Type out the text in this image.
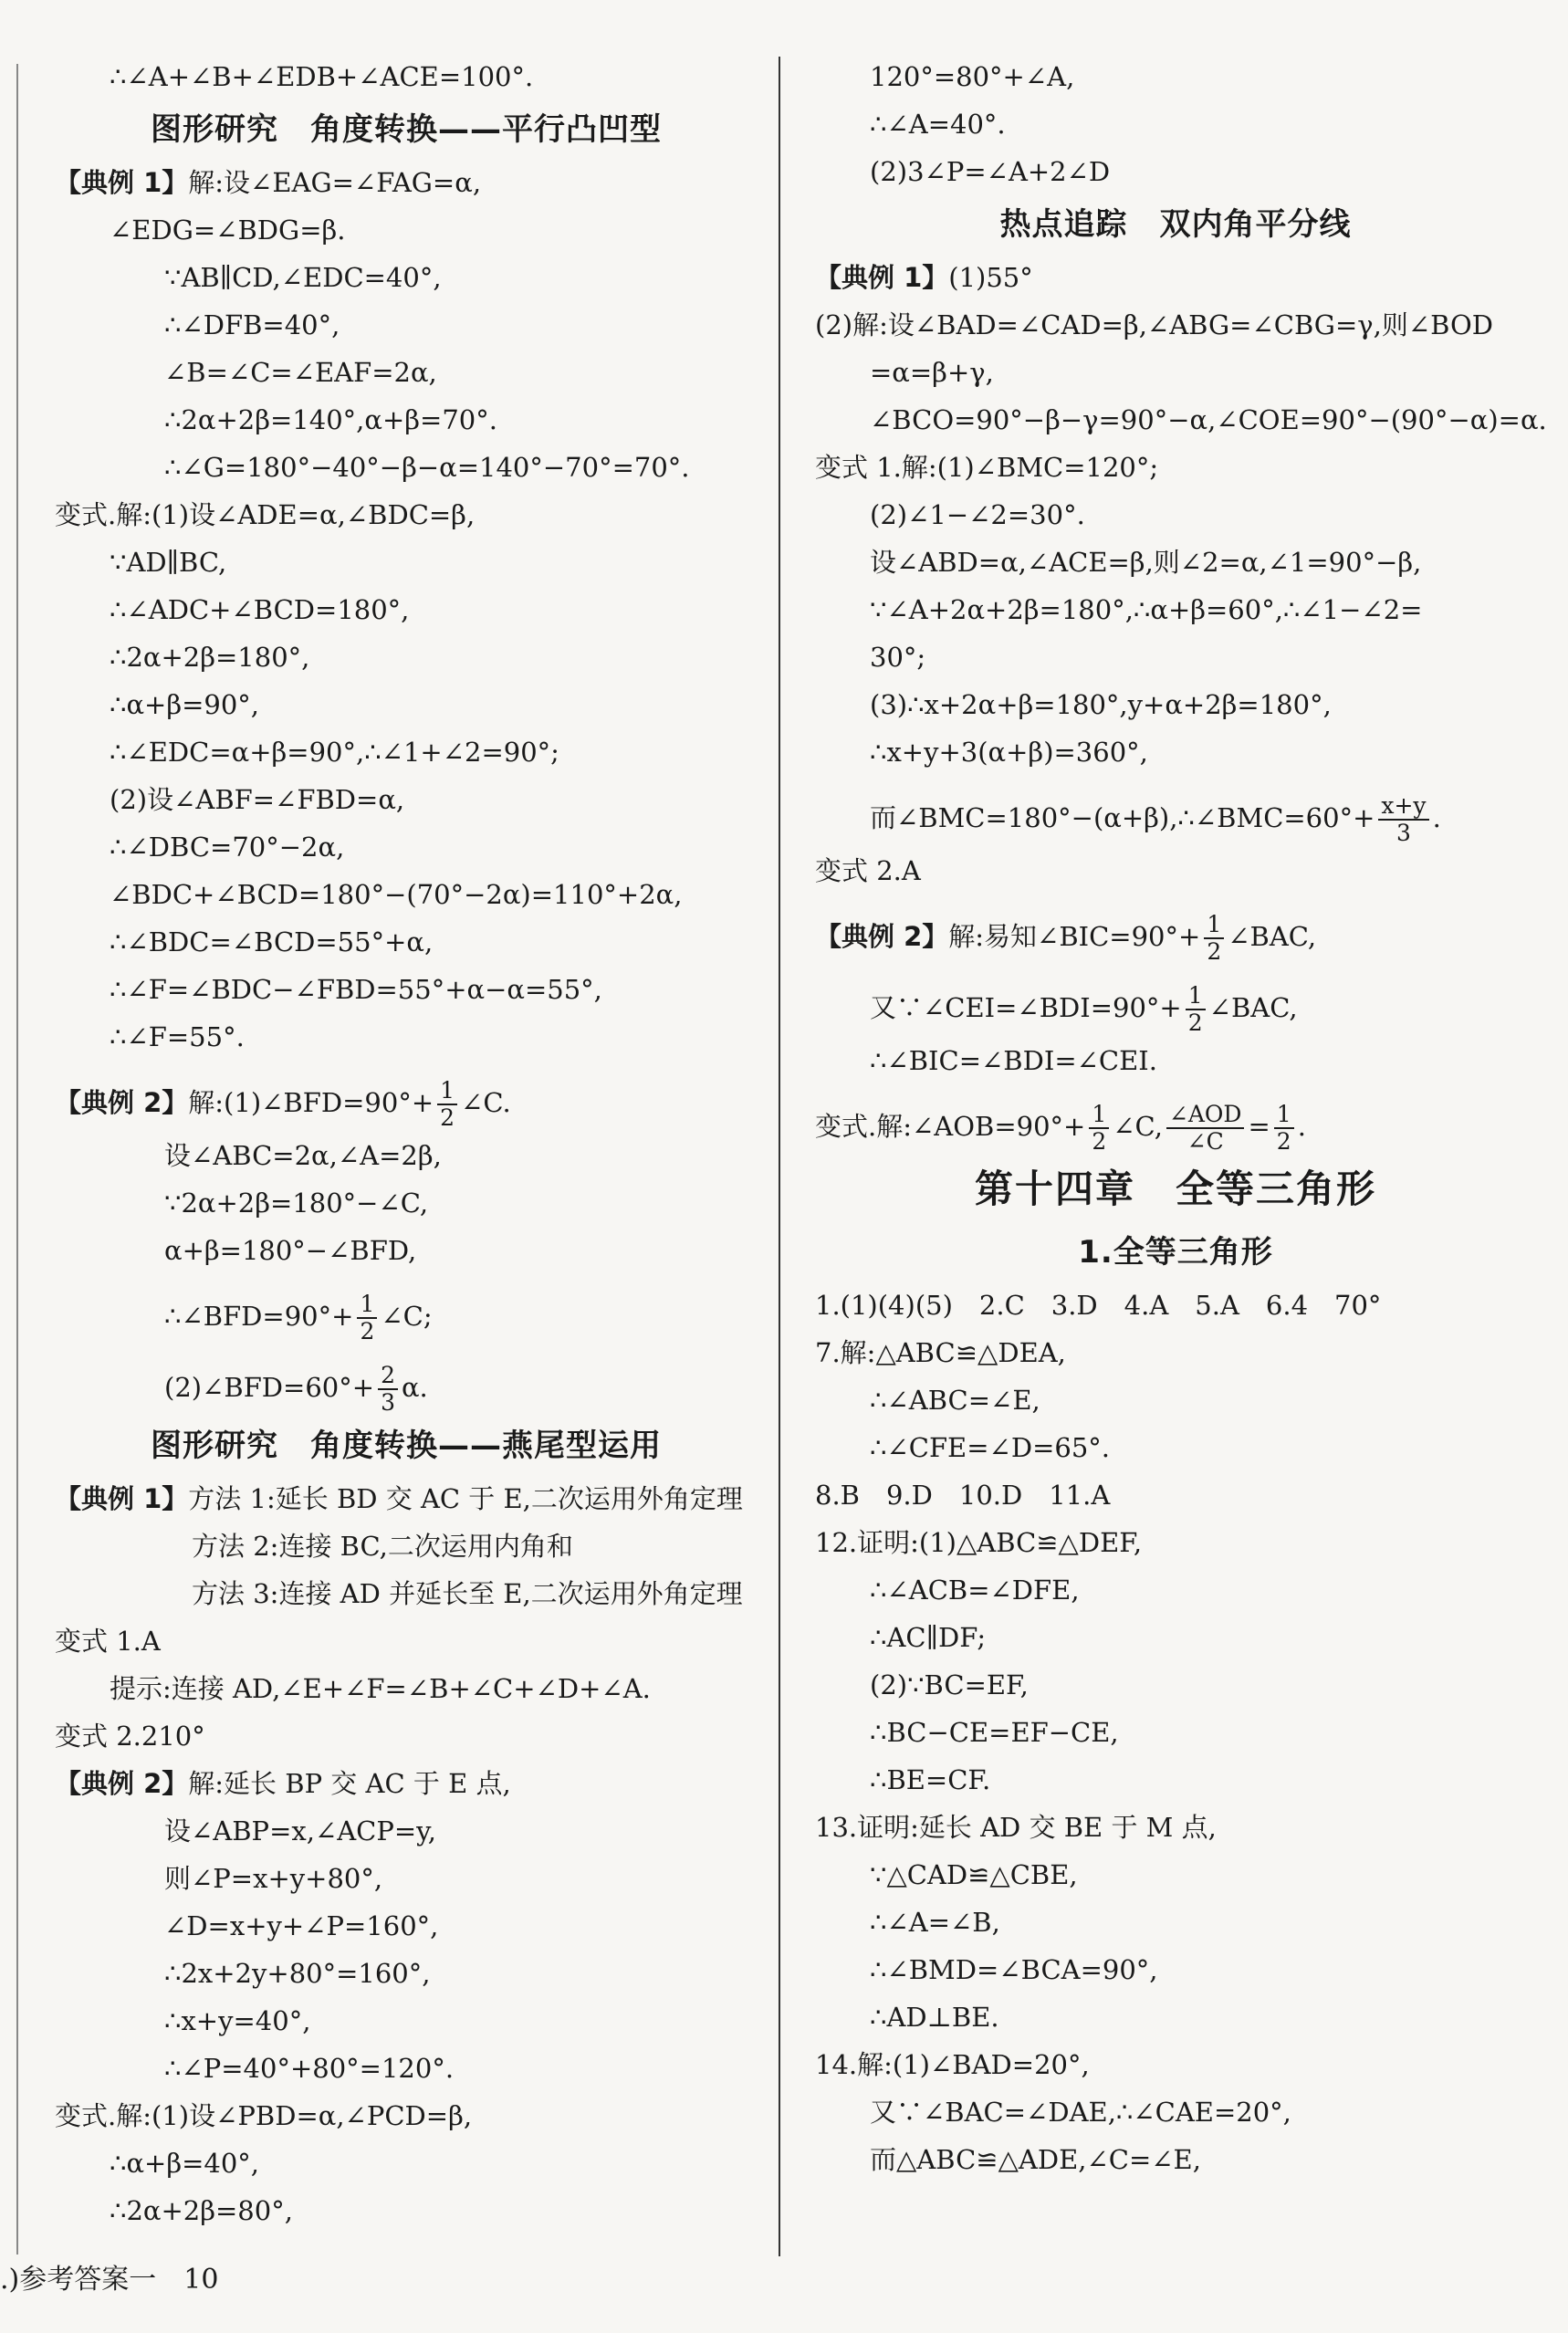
∴∠A+∠B+∠EDB+∠ACE=100°.
图形研究　角度转换——平行凸凹型
【典例 1】解:设∠EAG=∠FAG=α,
∠EDG=∠BDG=β.
∵AB∥CD,∠EDC=40°,
∴∠DFB=40°,
∠B=∠C=∠EAF=2α,
∴2α+2β=140°,α+β=70°.
∴∠G=180°−40°−β−α=140°−70°=70°.
变式.解:(1)设∠ADE=α,∠BDC=β,
∵AD∥BC,
∴∠ADC+∠BCD=180°,
∴2α+2β=180°,
∴α+β=90°,
∴∠EDC=α+β=90°,∴∠1+∠2=90°;
(2)设∠ABF=∠FBD=α,
∴∠DBC=70°−2α,
∠BDC+∠BCD=180°−(70°−2α)=110°+2α,
∴∠BDC=∠BCD=55°+α,
∴∠F=∠BDC−∠FBD=55°+α−α=55°,
∴∠F=55°.
【典例 2】解:(1)∠BFD=90°+ $\frac{1}{2}$ ∠C.
设∠ABC=2α,∠A=2β,
∵2α+2β=180°−∠C,
α+β=180°−∠BFD,
∴∠BFD=90°+ $\frac{1}{2}$ ∠C;
(2)∠BFD=60°+ $\frac{2}{3} \alpha$.
图形研究　角度转换——燕尾型运用
【典例 1】方法 1:延长 BD 交 AC 于 E,二次运用外角定理
方法 2:连接 BC,二次运用内角和
方法 3:连接 AD 并延长至 E,二次运用外角定理
变式 1.A
提示:连接 AD,∠E+∠F=∠B+∠C+∠D+∠A.
变式 2.210°
【典例 2】解:延长 BP 交 AC 于 E 点,
设∠ABP=x,∠ACP=y,
则∠P=x+y+80°,
∠D=x+y+∠P=160°,
∴2x+2y+80°=160°,
∴x+y=40°,
∴∠P=40°+80°=120°.
变式.解:(1)设∠PBD=α,∠PCD=β,
∴α+β=40°,
∴2α+2β=80°,
120°=80°+∠A,
∴∠A=40°.
(2)3∠P=∠A+2∠D
热点追踪　双内角平分线
【典例 1】(1)55°
(2)解:设∠BAD=∠CAD=β,∠ABG=∠CBG=γ,则∠BOD
=α=β+γ,
∠BCO=90°−β−γ=90°−α,∠COE=90°−(90°−α)=α.
变式 1.解:(1)∠BMC=120°;
(2)∠1−∠2=30°.
设∠ABD=α,∠ACE=β,则∠2=α,∠1=90°−β,
∵∠A+2α+2β=180°,∴α+β=60°,∴∠1−∠2=
30°;
(3)∴x+2α+β=180°,y+α+2β=180°,
∴x+y+3(α+β)=360°,
而∠BMC=180°−(α+β),∴∠BMC=60°+ $\frac{x+y}{3}$ .
变式 2.A
【典例 2】解:易知∠BIC=90°+ $\frac{1}{2}$ ∠BAC,
又∵∠CEI=∠BDI=90°+ $\frac{1}{2}$ ∠BAC,
∴∠BIC=∠BDI=∠CEI.
变式.解:∠AOB=90°+ $\frac{1}{2}$ ∠C, $\frac{\text{∠AOD}}{\angle C} = \frac{1}{2}$ .
第十四章　全等三角形
1.全等三角形
1.(1)(4)(5)　2.C　3.D　4.A　5.A　6.4　70°
7.解:△ABC≌△DEA,
∴∠ABC=∠E,
∴∠CFE=∠D=65°.
8.B　9.D　10.D　11.A
12.证明:(1)△ABC≌△DEF,
∴∠ACB=∠DFE,
∴AC∥DF;
(2)∵BC=EF,
∴BC−CE=EF−CE,
∴BE=CF.
13.证明:延长 AD 交 BE 于 M 点,
∵△CAD≌△CBE,
∴∠A=∠B,
∴∠BMD=∠BCA=90°,
∴AD⊥BE.
14.解:(1)∠BAD=20°,
又∵∠BAC=∠DAE,∴∠CAE=20°,
而△ABC≌△ADE,∠C=∠E,
.)参考答案一　10
